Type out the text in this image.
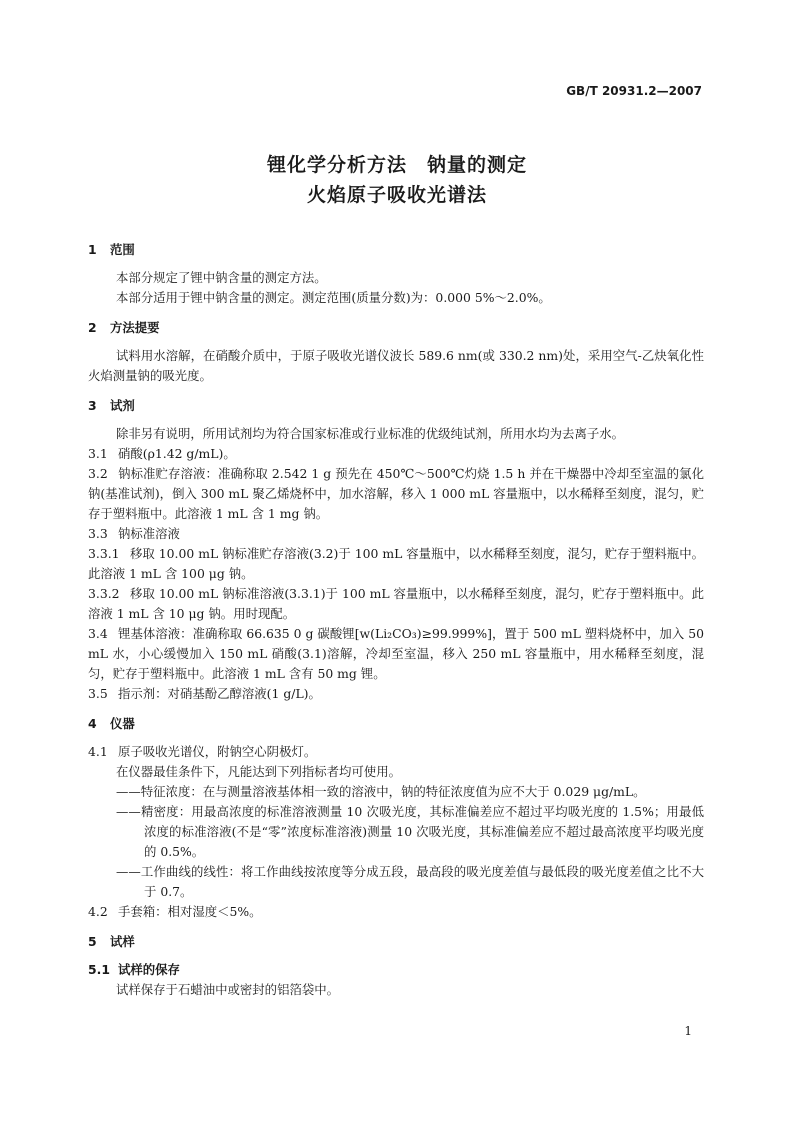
GB/T 20931.2—2007
锂化学分析方法　钠量的测定
火焰原子吸收光谱法
1 范围

本部分规定了锂中钠含量的测定方法。

本部分适用于锂中钠含量的测定。测定范围(质量分数)为：0.000 5%～2.0%。

2 方法提要

试料用水溶解，在硝酸介质中，于原子吸收光谱仪波长 589.6 nm(或 330.2 nm)处，采用空气-乙炔氧化性火焰测量钠的吸光度。

3 试剂

除非另有说明，所用试剂均为符合国家标准或行业标准的优级纯试剂，所用水均为去离子水。

3.1 硝酸(ρ1.42 g/mL)。

3.2 钠标准贮存溶液：准确称取 2.542 1 g 预先在 450℃～500℃灼烧 1.5 h 并在干燥器中冷却至室温的氯化钠(基准试剂)，倒入 300 mL 聚乙烯烧杯中，加水溶解，移入 1 000 mL 容量瓶中，以水稀释至刻度，混匀，贮存于塑料瓶中。此溶液 1 mL 含 1 mg 钠。

3.3 钠标准溶液

3.3.1 移取 10.00 mL 钠标准贮存溶液(3.2)于 100 mL 容量瓶中，以水稀释至刻度，混匀，贮存于塑料瓶中。此溶液 1 mL 含 100 μg 钠。

3.3.2 移取 10.00 mL 钠标准溶液(3.3.1)于 100 mL 容量瓶中，以水稀释至刻度，混匀，贮存于塑料瓶中。此溶液 1 mL 含 10 μg 钠。用时现配。

3.4 锂基体溶液：准确称取 66.635 0 g 碳酸锂[w(Li₂CO₃)≥99.999%]，置于 500 mL 塑料烧杯中，加入 50 mL 水，小心缓慢加入 150 mL 硝酸(3.1)溶解，冷却至室温，移入 250 mL 容量瓶中，用水稀释至刻度，混匀，贮存于塑料瓶中。此溶液 1 mL 含有 50 mg 锂。

3.5 指示剂：对硝基酚乙醇溶液(1 g/L)。

4 仪器

4.1 原子吸收光谱仪，附钠空心阴极灯。

在仪器最佳条件下，凡能达到下列指标者均可使用。

——特征浓度：在与测量溶液基体相一致的溶液中，钠的特征浓度值为应不大于 0.029 μg/mL。

——精密度：用最高浓度的标准溶液测量 10 次吸光度，其标准偏差应不超过平均吸光度的 1.5%；用最低浓度的标准溶液(不是“零”浓度标准溶液)测量 10 次吸光度，其标准偏差应不超过最高浓度平均吸光度的 0.5%。

——工作曲线的线性：将工作曲线按浓度等分成五段，最高段的吸光度差值与最低段的吸光度差值之比不大于 0.7。

4.2 手套箱：相对湿度＜5%。

5 试样
5.1 试样的保存

试样保存于石蜡油中或密封的铝箔袋中。

1
